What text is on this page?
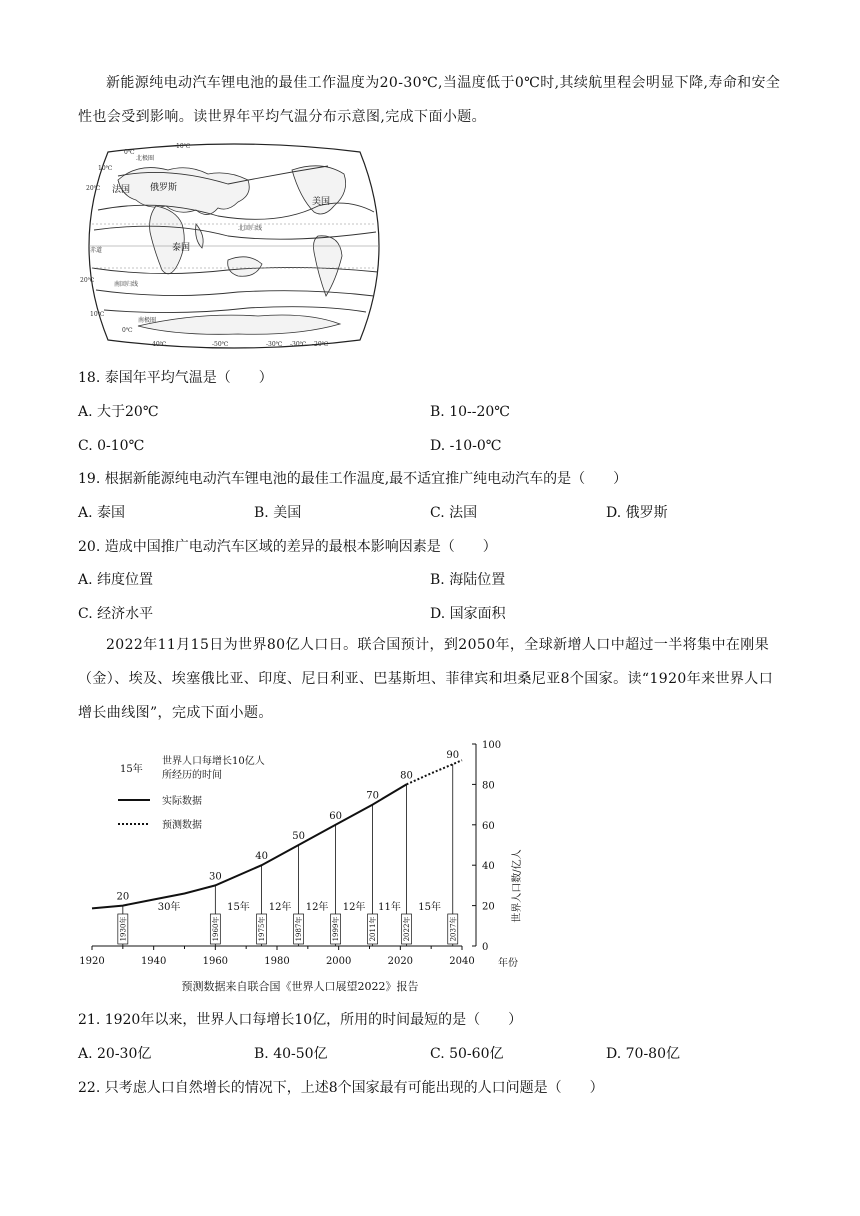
新能源纯电动汽车锂电池的最佳工作温度为20-30℃,当温度低于0℃时,其续航里程会明显下降,寿命和安全性也会受到影响。读世界年平均气温分布示意图,完成下面小题。

法国 俄罗斯
美国
泰国
北回归线
赤道
南回归线
南极圈
北极圈
0℃
-10℃
10℃
20℃
20℃
10℃
0℃
-40℃	-50℃	-30℃ -30℃ -20℃
18. 泰国年平均气温是（　　）
A. 大于20℃	B. 10--20℃
C. 0-10℃	D. -10-0℃
19. 根据新能源纯电动汽车锂电池的最佳工作温度,最不适宜推广纯电动汽车的是（　　）
A. 泰国	B. 美国	C. 法国	D. 俄罗斯
20. 造成中国推广电动汽车区域的差异的最根本影响因素是（　　）
A. 纬度位置	B. 海陆位置
C. 经济水平	D. 国家面积

2022年11月15日为世界80亿人口日。联合国预计，到2050年，全球新增人口中超过一半将集中在刚果（金）、埃及、埃塞俄比亚、印度、尼日利亚、巴基斯坦、菲律宾和坦桑尼亚8个国家。读“1920年来世界人口增长曲线图”，完成下面小题。

15年
世界人口每增长10亿人
所经历的时间
实际数据
预测数据
1920	1940	1960	1980	2000	2020	2040
0
20
40
60
80
100
20
1930年
30
1960年
40
1975年
50
1987年
60
1999年
70
2011年
80
2022年
90
2037年
30年	15年 12年 12年 12年 11年 15年
年份
世界人口数/亿人
预测数据来自联合国《世界人口展望2022》报告
21. 1920年以来，世界人口每增长10亿，所用的时间最短的是（　　）
A. 20-30亿	B. 40-50亿	C. 50-60亿	D. 70-80亿
22. 只考虑人口自然增长的情况下，上述8个国家最有可能出现的人口问题是（　　）
